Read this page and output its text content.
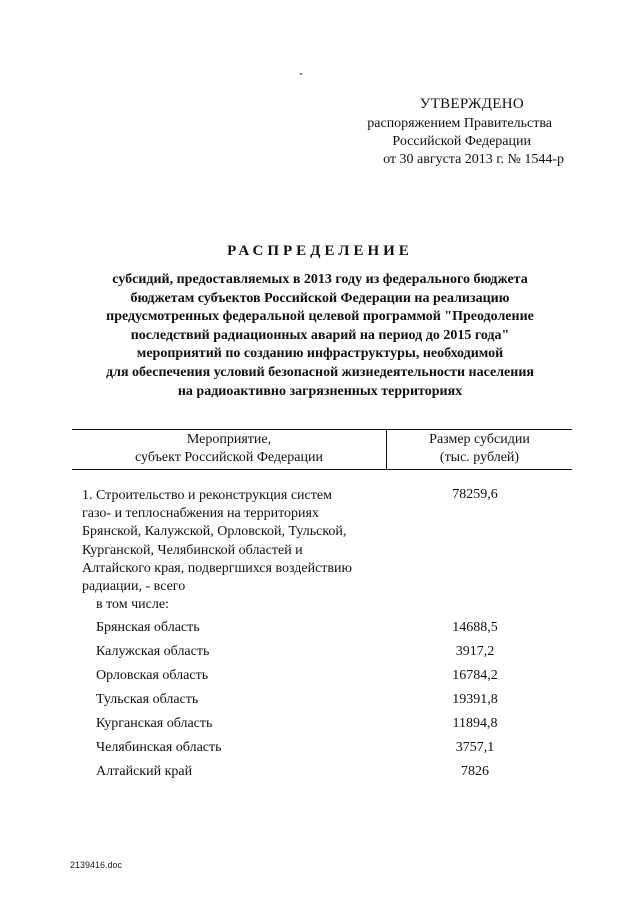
УТВЕРЖДЕНО
распоряжением Правительства
Российской Федерации
от 30 августа 2013 г. № 1544-р
РАСПРЕДЕЛЕНИЕ
субсидий, предоставляемых в 2013 году из федерального бюджета
бюджетам субъектов Российской Федерации на реализацию
предусмотренных федеральной целевой программой "Преодоление
последствий радиационных аварий на период до 2015 года"
мероприятий по созданию инфраструктуры, необходимой
для обеспечения условий безопасной жизнедеятельности населения
на радиоактивно загрязненных территориях
Мероприятие,
субъект Российской Федерации
Размер субсидии
(тыс. рублей)
1. Строительство и реконструкция систем
газо- и теплоснабжения на территориях
Брянской, Калужской, Орловской, Тульской,
Курганской, Челябинской областей и
Алтайского края, подвергшихся воздействию
радиации, - всего
78259,6
в том числе:
Брянская область	14688,5
Калужская область	3917,2
Орловская область	16784,2
Тульская область	19391,8
Курганская область	11894,8
Челябинская область	3757,1
Алтайский край	7826
2139416.doc
